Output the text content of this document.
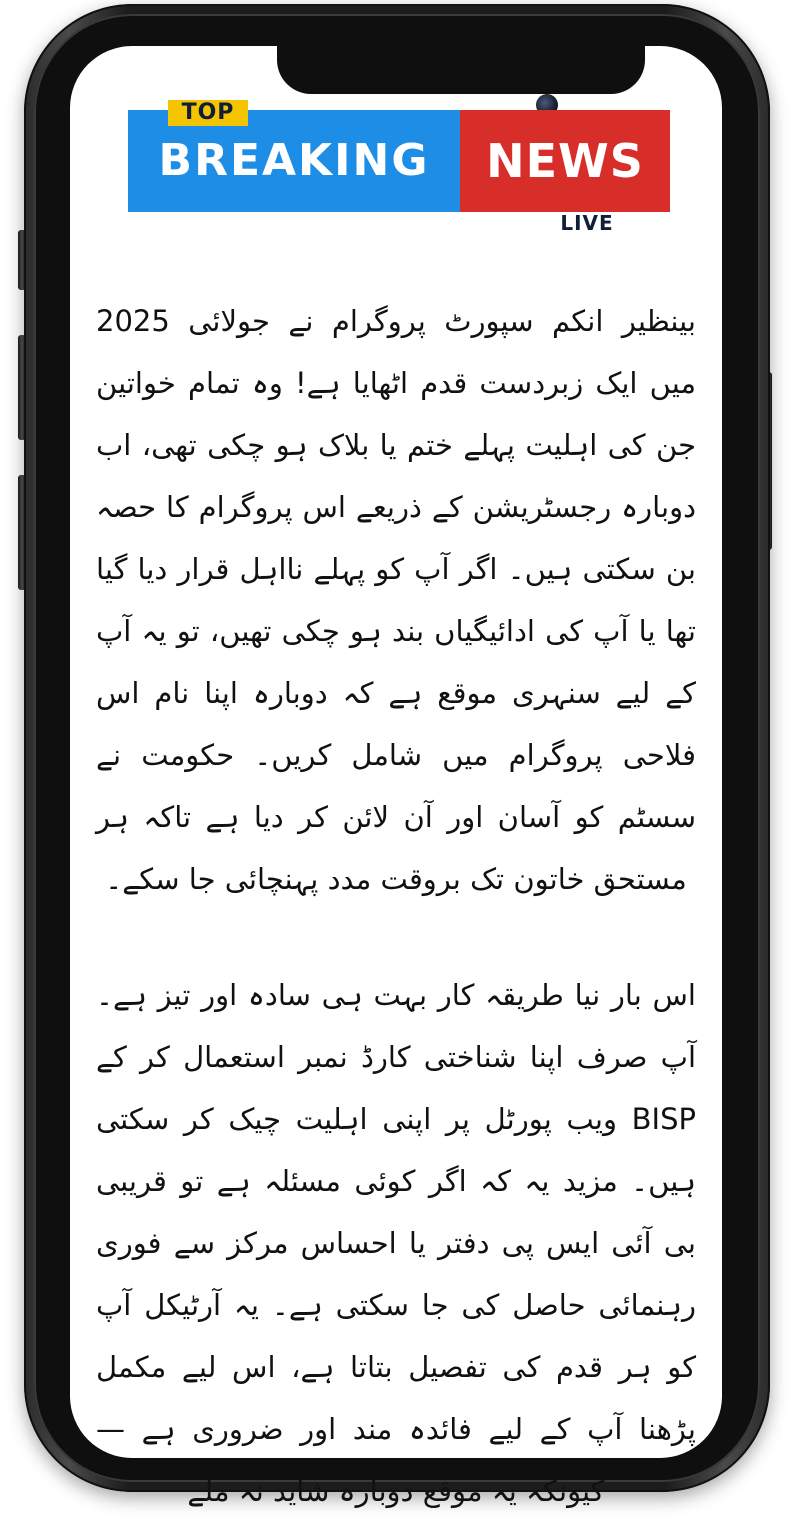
BREAKING	NEWS
TOP
LIVE

بینظیر انکم سپورٹ پروگرام نے جولائی 2025 میں ایک زبردست قدم اٹھایا ہے! وہ تمام خواتین جن کی اہلیت پہلے ختم یا بلاک ہو چکی تھی، اب دوبارہ رجسٹریشن کے ذریعے اس پروگرام کا حصہ بن سکتی ہیں۔ اگر آپ کو پہلے نااہل قرار دیا گیا تھا یا آپ کی ادائیگیاں بند ہو چکی تھیں، تو یہ آپ کے لیے سنہری موقع ہے کہ دوبارہ اپنا نام اس فلاحی پروگرام میں شامل کریں۔ حکومت نے سسٹم کو آسان اور آن لائن کر دیا ہے تاکہ ہر مستحق خاتون تک بروقت مدد پہنچائی جا سکے۔

اس بار نیا طریقہ کار بہت ہی سادہ اور تیز ہے۔ آپ صرف اپنا شناختی کارڈ نمبر استعمال کر کے BISP ویب پورٹل پر اپنی اہلیت چیک کر سکتی ہیں۔ مزید یہ کہ اگر کوئی مسئلہ ہے تو قریبی بی آئی ایس پی دفتر یا احساس مرکز سے فوری رہنمائی حاصل کی جا سکتی ہے۔ یہ آرٹیکل آپ کو ہر قدم کی تفصیل بتاتا ہے، اس لیے مکمل پڑھنا آپ کے لیے فائدہ مند اور ضروری ہے — کیونکہ یہ موقع دوبارہ شاید نہ ملے
